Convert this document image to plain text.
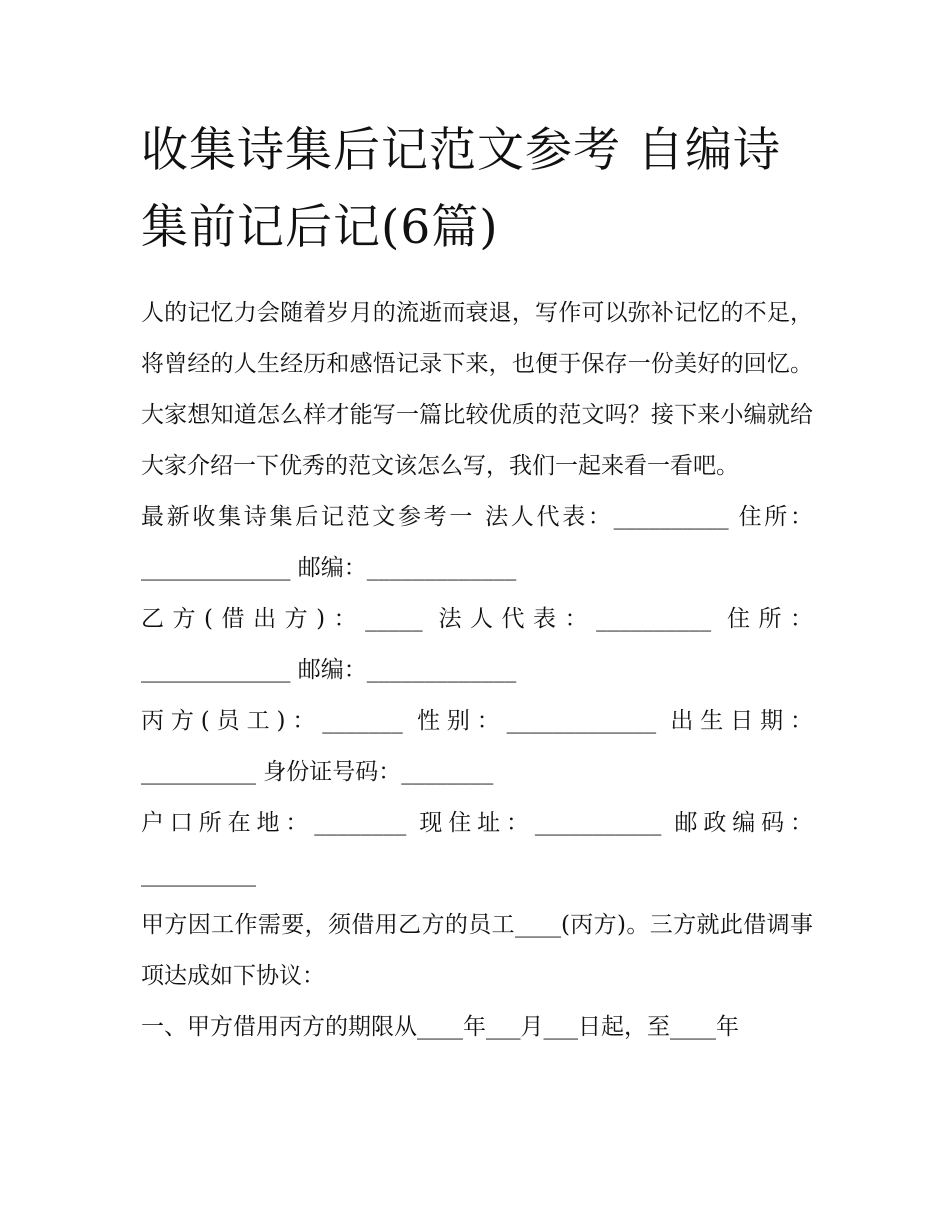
收集诗集后记范文参考 自编诗集前记后记(6篇)

人的记忆力会随着岁月的流逝而衰退，写作可以弥补记忆的不足，将曾经的人生经历和感悟记录下来，也便于保存一份美好的回忆。大家想知道怎么样才能写一篇比较优质的范文吗？接下来小编就给大家介绍一下优秀的范文该怎么写，我们一起来看一看吧。

最新收集诗集后记范文参考一 法人代表：__________ 住所：_____________ 邮编：_____________

乙方(借出方)：_____ 法人代表：__________ 住所：_____________ 邮编：_____________

丙方(员工)：_______ 性别：_____________ 出生日期：__________ 身份证号码：________

户口所在地：________ 现住址：___________ 邮政编码：__________

甲方因工作需要，须借用乙方的员工____(丙方)。三方就此借调事项达成如下协议：

一、甲方借用丙方的期限从____年___月___日起，至____年
